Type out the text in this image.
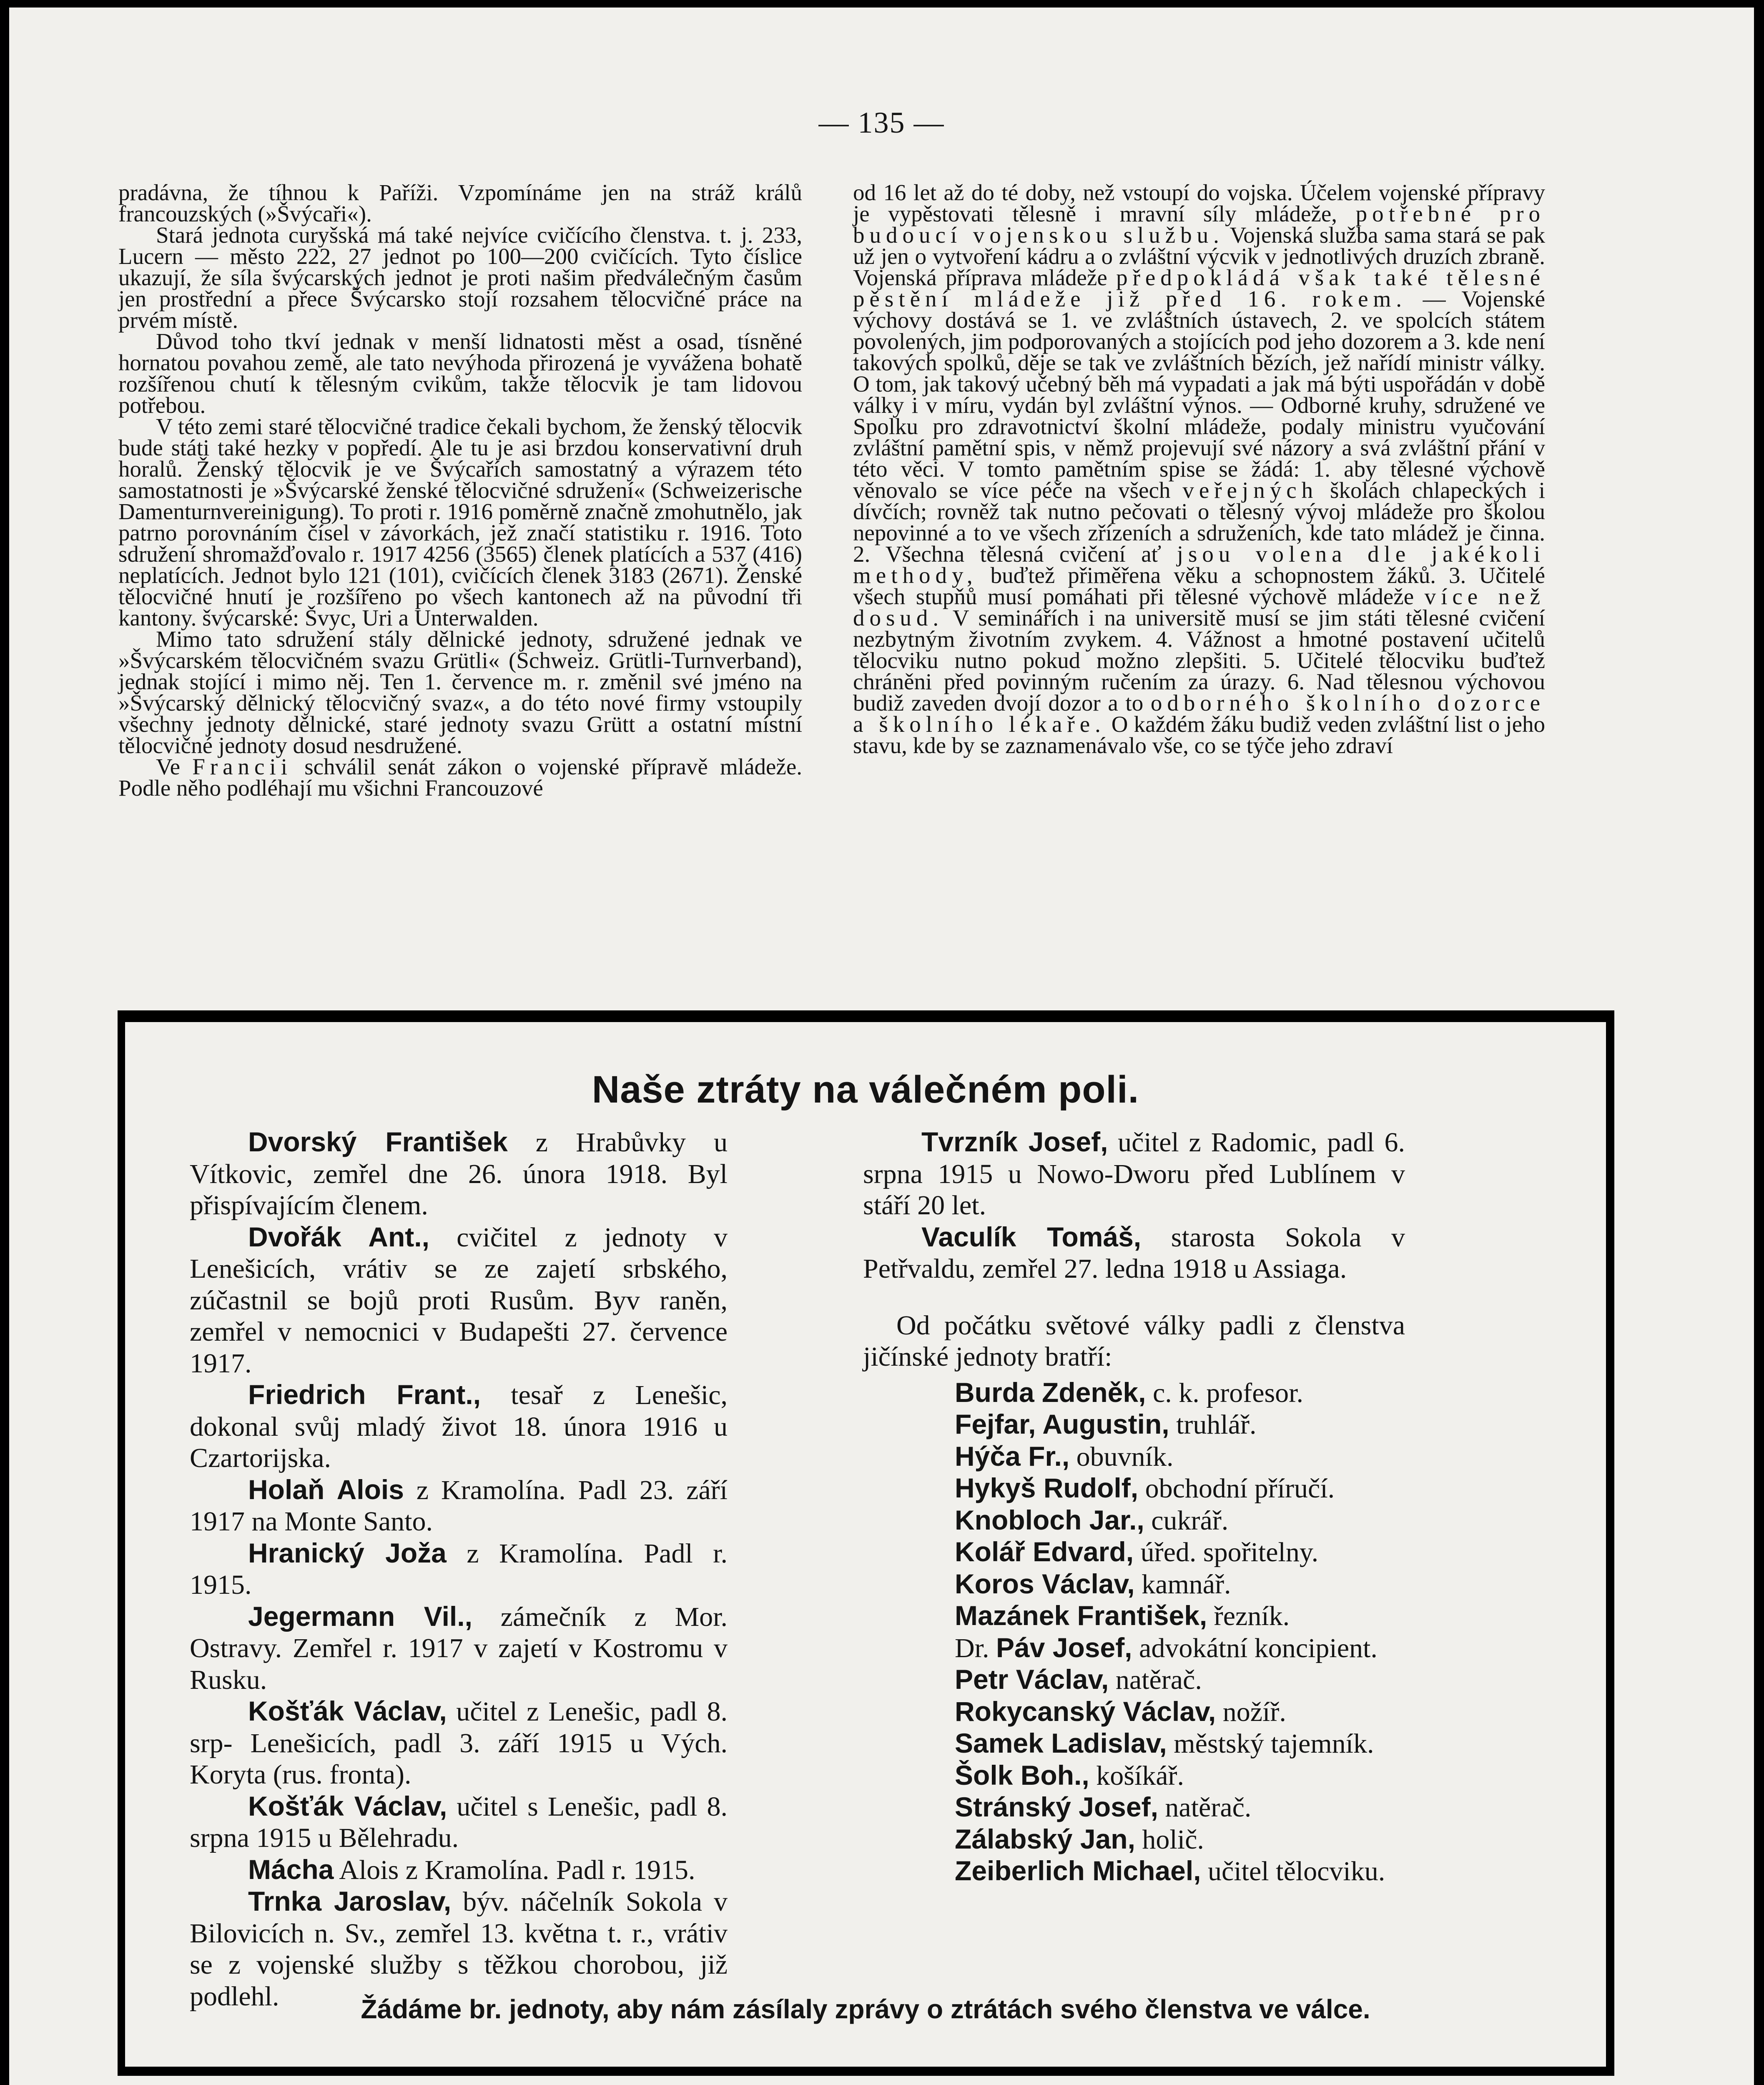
— 135 —

pradávna, že tíhnou k Paříži. Vzpomínáme jen na stráž králů francouzských (»Švýcaři«).

Stará jednota curyšská má také nejvíce cvičícího členstva. t. j. 233, Lucern — město 222, 27 jednot po 100—200 cvičících. Tyto číslice ukazují, že síla švýcarských jednot je proti našim předválečným časům jen prostřední a přece Švýcarsko stojí rozsahem tělocvičné práce na prvém místě.

Důvod toho tkví jednak v menší lidnatosti měst a osad, tísněné hornatou povahou země, ale tato nevýhoda přirozená je vyvážena bohatě rozšířenou chutí k tělesným cvikům, takže tělocvik je tam lidovou potřebou.

V této zemi staré tělocvičné tradice čekali bychom, že ženský tělocvik bude státi také hezky v popředí. Ale tu je asi brzdou konservativní druh horalů. Ženský tělocvik je ve Švýcařích samostatný a výrazem této samostatnosti je »Švýcarské ženské tělocvičné sdružení« (Schweizerische Damenturnvereinigung). To proti r. 1916 poměrně značně zmohutnělo, jak patrno porovnáním čísel v závorkách, jež značí statistiku r. 1916. Toto sdružení shromažďovalo r. 1917 4256 (3565) členek platících a 537 (416) neplatících. Jednot bylo 121 (101), cvičících členek 3183 (2671). Ženské tělocvičné hnutí je rozšířeno po všech kantonech až na původní tři kantony. švýcarské: Švyc, Uri a Unterwalden.

Mimo tato sdružení stály dělnické jednoty, sdružené jednak ve »Švýcarském tělocvičném svazu Grütli« (Schweiz. Grütli-Turnverband), jednak stojící i mimo něj. Ten 1. července m. r. změnil své jméno na »Švýcarský dělnický tělocvičný svaz«, a do této nové firmy vstoupily všechny jednoty dělnické, staré jednoty svazu Grütt a ostatní místní tělocvičné jednoty dosud nesdružené.

Ve Francii schválil senát zákon o vojenské přípravě mládeže. Podle něho podléhají mu všichni Francouzové

od 16 let až do té doby, než vstoupí do vojska. Účelem vojenské přípravy je vypěstovati tělesně i mravní síly mládeže, potřebné pro budoucí vojenskou službu. Vojenská služba sama stará se pak už jen o vytvoření kádru a o zvláštní výcvik v jednotlivých druzích zbraně. Vojenská příprava mládeže předpokládá však také tělesné pěstění mládeže již před 16. rokem. — Vojenské výchovy dostává se 1. ve zvláštních ústavech, 2. ve spolcích státem povolených, jim podporovaných a stojících pod jeho dozorem a 3. kde není takových spolků, děje se tak ve zvláštních bězích, jež nařídí ministr války. O tom, jak takový učebný běh má vypadati a jak má býti uspořádán v době války i v míru, vydán byl zvláštní výnos. — Odborné kruhy, sdružené ve Spolku pro zdravotnictví školní mládeže, podaly ministru vyučování zvláštní pamětní spis, v němž projevují své názory a svá zvláštní přání v této věci. V tomto pamětním spise se žádá: 1. aby tělesné výchově věnovalo se více péče na všech veřejných školách chlapeckých i dívčích; rovněž tak nutno pečovati o tělesný vývoj mládeže pro školou nepovinné a to ve všech zřízeních a sdruženích, kde tato mládež je činna. 2. Všechna tělesná cvičení ať jsou volena dle jakékoli methody, buďtež přiměřena věku a schopnostem žáků. 3. Učitelé všech stupňů musí pomáhati při tělesné výchově mládeže více než dosud. V seminářích i na universitě musí se jim státi tělesné cvičení nezbytným životním zvykem. 4. Vážnost a hmotné postavení učitelů tělocviku nutno pokud možno zlepšiti. 5. Učitelé tělocviku buďtež chráněni před povinným ručením za úrazy. 6. Nad tělesnou výchovou budiž zaveden dvojí dozor a to odborného školního dozorce a školního lékaře. O každém žáku budiž veden zvláštní list o jeho stavu, kde by se zaznamenávalo vše, co se týče jeho zdraví

Naše ztráty na válečném poli.

Dvorský František z Hrabůvky u Vítkovic, zemřel dne 26. února 1918. Byl přispívajícím členem.

Dvořák Ant., cvičitel z jednoty v Lenešicích, vrátiv se ze zajetí srbského, zúčastnil se bojů proti Rusům. Byv raněn, zemřel v nemocnici v Budapešti 27. července 1917.

Friedrich Frant., tesař z Lenešic, dokonal svůj mladý život 18. února 1916 u Czartorijska.

Holaň Alois z Kramolína. Padl 23. září 1917 na Monte Santo.

Hranický Joža z Kramolína. Padl r. 1915.

Jegermann Vil., zámečník z Mor. Ostravy. Zemřel r. 1917 v zajetí v Kostromu v Rusku.

Košťák Václav, učitel z Lenešic, padl 8. srp- Lenešicích, padl 3. září 1915 u Vých. Koryta (rus. fronta).

Košťák Václav, učitel s Lenešic, padl 8. srpna 1915 u Bělehradu.

Mácha Alois z Kramolína. Padl r. 1915.

Trnka Jaroslav, býv. náčelník Sokola v Bilovicích n. Sv., zemřel 13. května t. r., vrátiv se z vojenské služby s těžkou chorobou, již podlehl.

Tvrzník Josef, učitel z Radomic, padl 6. srpna 1915 u Nowo-Dworu před Lublínem v stáří 20 let.

Vaculík Tomáš, starosta Sokola v Petřvaldu, zemřel 27. ledna 1918 u Assiaga.

Od počátku světové války padli z členstva jičínské jednoty bratří:

Burda Zdeněk, c. k. profesor.
Fejfar, Augustin, truhlář.
Hýča Fr., obuvník.
Hykyš Rudolf, obchodní příručí.
Knobloch Jar., cukrář.
Kolář Edvard, úřed. spořitelny.
Koros Václav, kamnář.
Mazánek František, řezník.
Dr. Páv Josef, advokátní koncipient.
Petr Václav, natěrač.
Rokycanský Václav, nožíř.
Samek Ladislav, městský tajemník.
Šolk Boh., košíkář.
Stránský Josef, natěrač.
Zálabský Jan, holič.
Zeiberlich Michael, učitel tělocviku.
Žádáme br. jednoty, aby nám zásílaly zprávy o ztrátách svého členstva ve válce.
